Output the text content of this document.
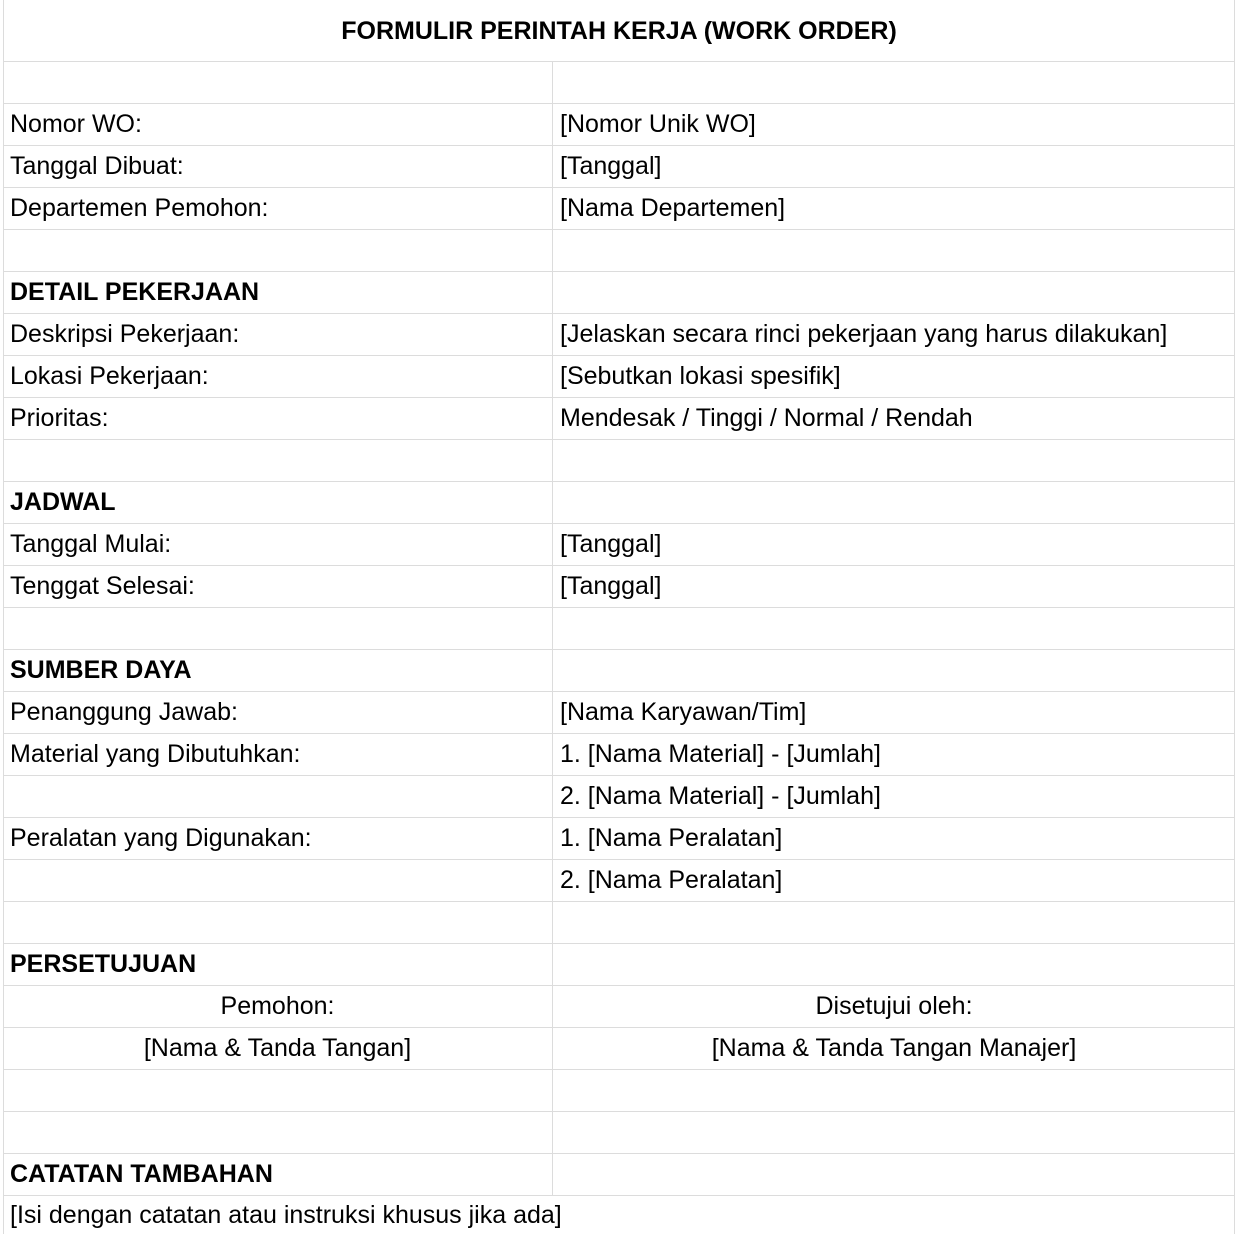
FORMULIR PERINTAH KERJA (WORK ORDER)
Nomor WO:	[Nomor Unik WO]
Tanggal Dibuat:	[Tanggal]
Departemen Pemohon:	[Nama Departemen]
DETAIL PEKERJAAN
Deskripsi Pekerjaan:	[Jelaskan secara rinci pekerjaan yang harus dilakukan]
Lokasi Pekerjaan:	[Sebutkan lokasi spesifik]
Prioritas:	Mendesak / Tinggi / Normal / Rendah
JADWAL
Tanggal Mulai:	[Tanggal]
Tenggat Selesai:	[Tanggal]
SUMBER DAYA
Penanggung Jawab:	[Nama Karyawan/Tim]
Material yang Dibutuhkan:	1. [Nama Material] - [Jumlah]
2. [Nama Material] - [Jumlah]
Peralatan yang Digunakan:	1. [Nama Peralatan]
2. [Nama Peralatan]
PERSETUJUAN
Pemohon:	Disetujui oleh:
[Nama & Tanda Tangan]	[Nama & Tanda Tangan Manajer]
CATATAN TAMBAHAN
[Isi dengan catatan atau instruksi khusus jika ada]
